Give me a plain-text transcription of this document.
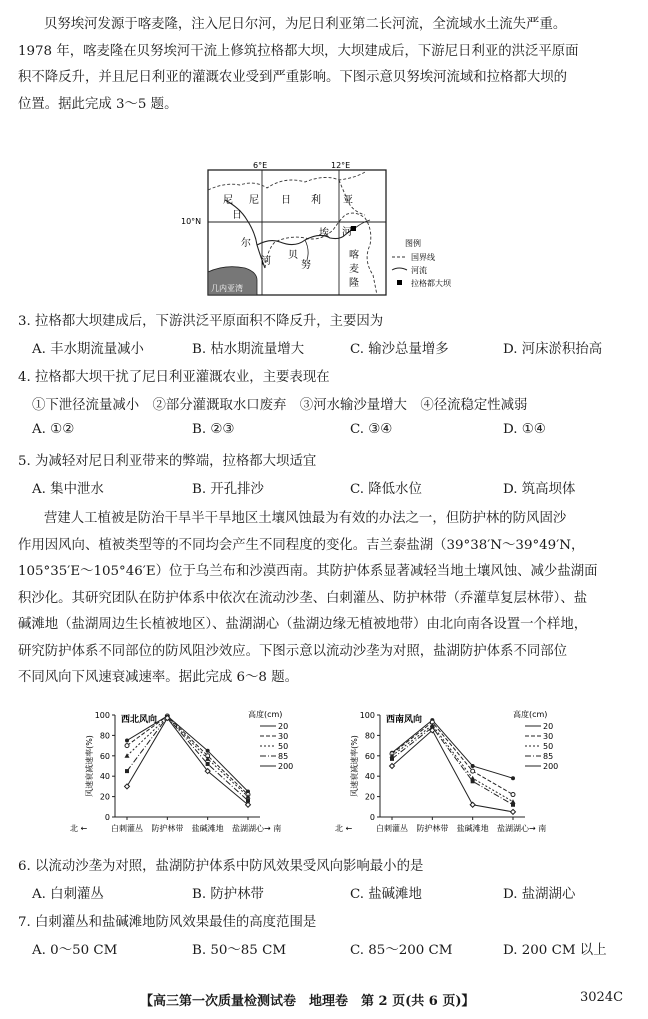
贝努埃河发源于喀麦隆，注入尼日尔河，为尼日利亚第二长河流，全流域水土流失严重。
1978 年，喀麦隆在贝努埃河干流上修筑拉格都大坝，大坝建成后，下游尼日利亚的洪泛平原面
积不降反升，并且尼日利亚的灌溉农业受到严重影响。下图示意贝努埃河流域和拉格都大坝的
位置。据此完成 3～5 题。
6°E	12°E
10°N
几内亚湾
尼 尼 日 利 亚
日
尔
河
贝
努
埃 河
喀
麦
隆
图例
国界线
河流
拉格都大坝
3. 拉格都大坝建成后，下游洪泛平原面积不降反升，主要因为
A. 丰水期流量减小	B. 枯水期流量增大	C. 输沙总量增多	D. 河床淤积抬高
4. 拉格都大坝干扰了尼日利亚灌溉农业，主要表现在
①下泄径流量减小　②部分灌溉取水口废弃　③河水输沙量增大　④径流稳定性减弱
A. ①②	B. ②③	C. ③④	D. ①④
5. 为减轻对尼日利亚带来的弊端，拉格都大坝适宜
A. 集中泄水	B. 开孔排沙	C. 降低水位	D. 筑高坝体
营建人工植被是防治干旱半干旱地区土壤风蚀最为有效的办法之一，但防护林的防风固沙
作用因风向、植被类型等的不同均会产生不同程度的变化。吉兰泰盐湖（39°38′N～39°49′N，
105°35′E～105°46′E）位于乌兰布和沙漠西南。其防护体系显著减轻当地土壤风蚀、减少盐湖面
积沙化。其研究团队在防护体系中依次在流动沙垄、白刺灌丛、防护林带（乔灌草复层林带）、盐
碱滩地（盐湖周边生长植被地区）、盐湖湖心（盐湖边缘无植被地带）由北向南各设置一个样地，
研究防护体系不同部位的防风阻沙效应。下图示意以流动沙垄为对照，盐湖防护体系不同部位
不同风向下风速衰减速率。据此完成 6～8 题。
0
20
40
60
80
100
风速衰减速率(%)
西北风向
白刺灌丛 防护林带 盐碱滩地 盐湖湖心
北 ←	→ 南
高度(cm)
20
30
50
85
200
0
20
40
60
80
100
风速衰减速率(%)
西南风向
白刺灌丛 防护林带 盐碱滩地 盐湖湖心
北 ←	→ 南
高度(cm)
20
30
50
85
200
6. 以流动沙垄为对照，盐湖防护体系中防风效果受风向影响最小的是
A. 白刺灌丛	B. 防护林带	C. 盐碱滩地	D. 盐湖湖心
7. 白刺灌丛和盐碱滩地防风效果最佳的高度范围是
A. 0～50 CM	B. 50～85 CM	C. 85～200 CM	D. 200 CM 以上
【高三第一次质量检测试卷　地理卷　第 2 页(共 6 页)】	3024C
